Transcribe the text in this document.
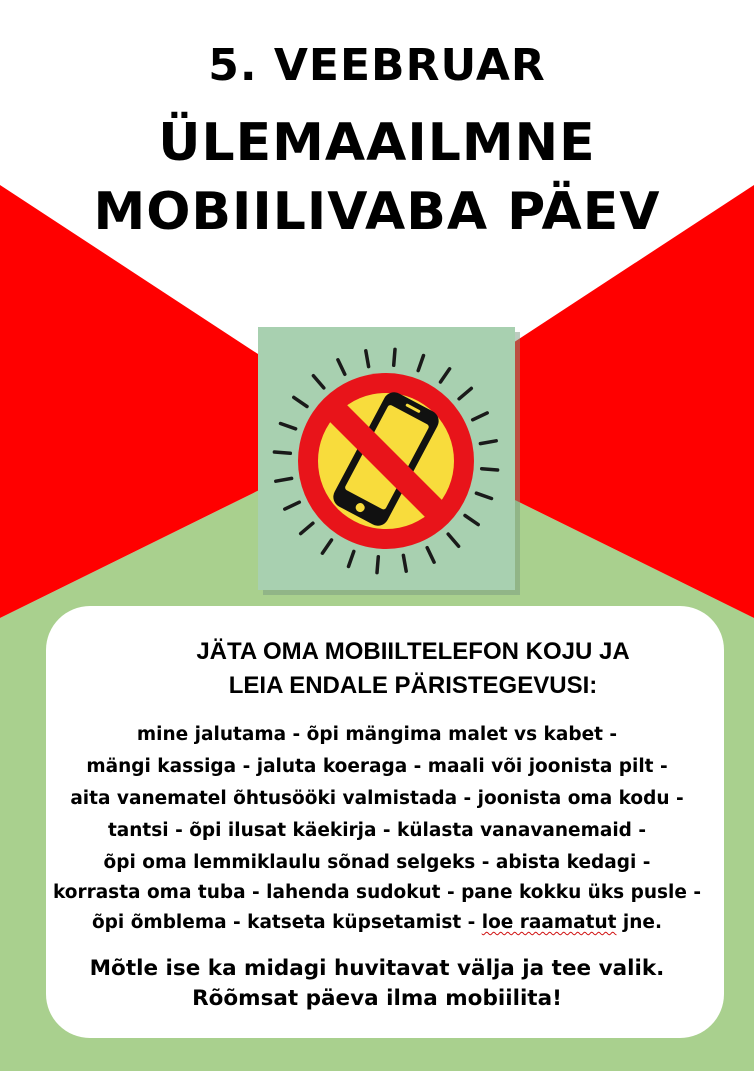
5. VEEBRUAR
ÜLEMAAILMNE
MOBIILIVABA PÄEV
JÄTA OMA MOBIILTELEFON KOJU JA
LEIA ENDALE PÄRISTEGEVUSI:
mine jalutama - õpi mängima malet vs kabet -
mängi kassiga - jaluta koeraga - maali või joonista pilt -
aita vanematel õhtusööki valmistada - joonista oma kodu -
tantsi - õpi ilusat käekirja - külasta vanavanemaid -
õpi oma lemmiklaulu sõnad selgeks - abista kedagi -
korrasta oma tuba - lahenda sudokut - pane kokku üks pusle -
õpi õmblema - katseta küpsetamist - loe raamatut jne.
Mõtle ise ka midagi huvitavat välja ja tee valik.
Rõõmsat päeva ilma mobiilita!
